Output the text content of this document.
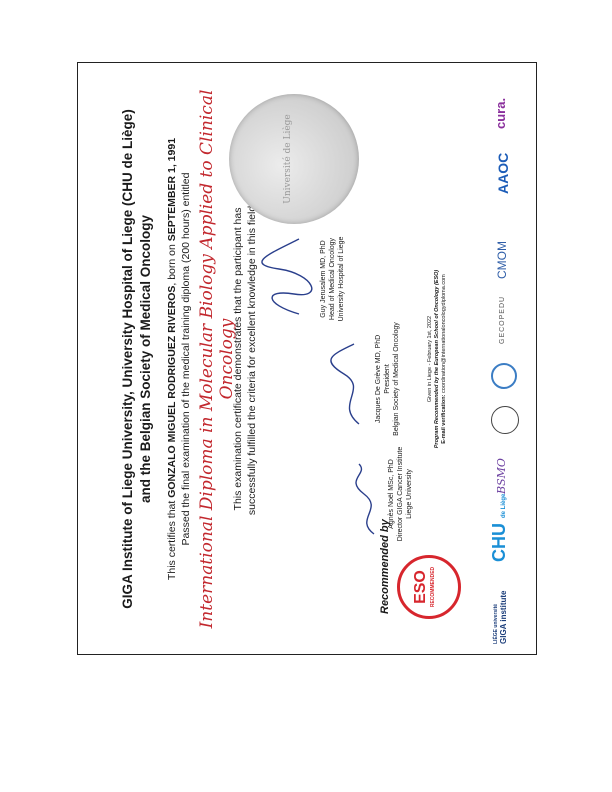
GIGA Institute of Liege University, University Hospital of Liege (CHU de Liège) and the Belgian Society of Medical Oncology
This certifies that GONZALO MIGUEL RODRIGUEZ RIVEROS, born on SEPTEMBER 1, 1991 Passed the final examination of the medical training diploma (200 hours) entitled International Diploma in Molecular Biology Applied to Clinical Oncology
This examination certificate demonstrates that the participant has successfully fulfilled the criteria for excellent knowledge in this field.	Guy Jerusalem MD, PhD Head of Medical Oncology University Hospital of Liege
Jacques De Grève MD, PhD President Belgian Society of Medical Oncology
Agnès Noël MSc, PhD Director GIGA Cancer Institute Liege University
Université de Liège
Recommended by ESO RECOMMENDED
Given in Liege - February 1st, 2022 Program Recommended by the European School of Oncology (ESO) E-mail verification: coordination@internationaloncologydiploma.com
LIÈGE université GIGA institute
CHU de Liège
BSMO
GECOPEDU
CMOM
AAOC
cura.
